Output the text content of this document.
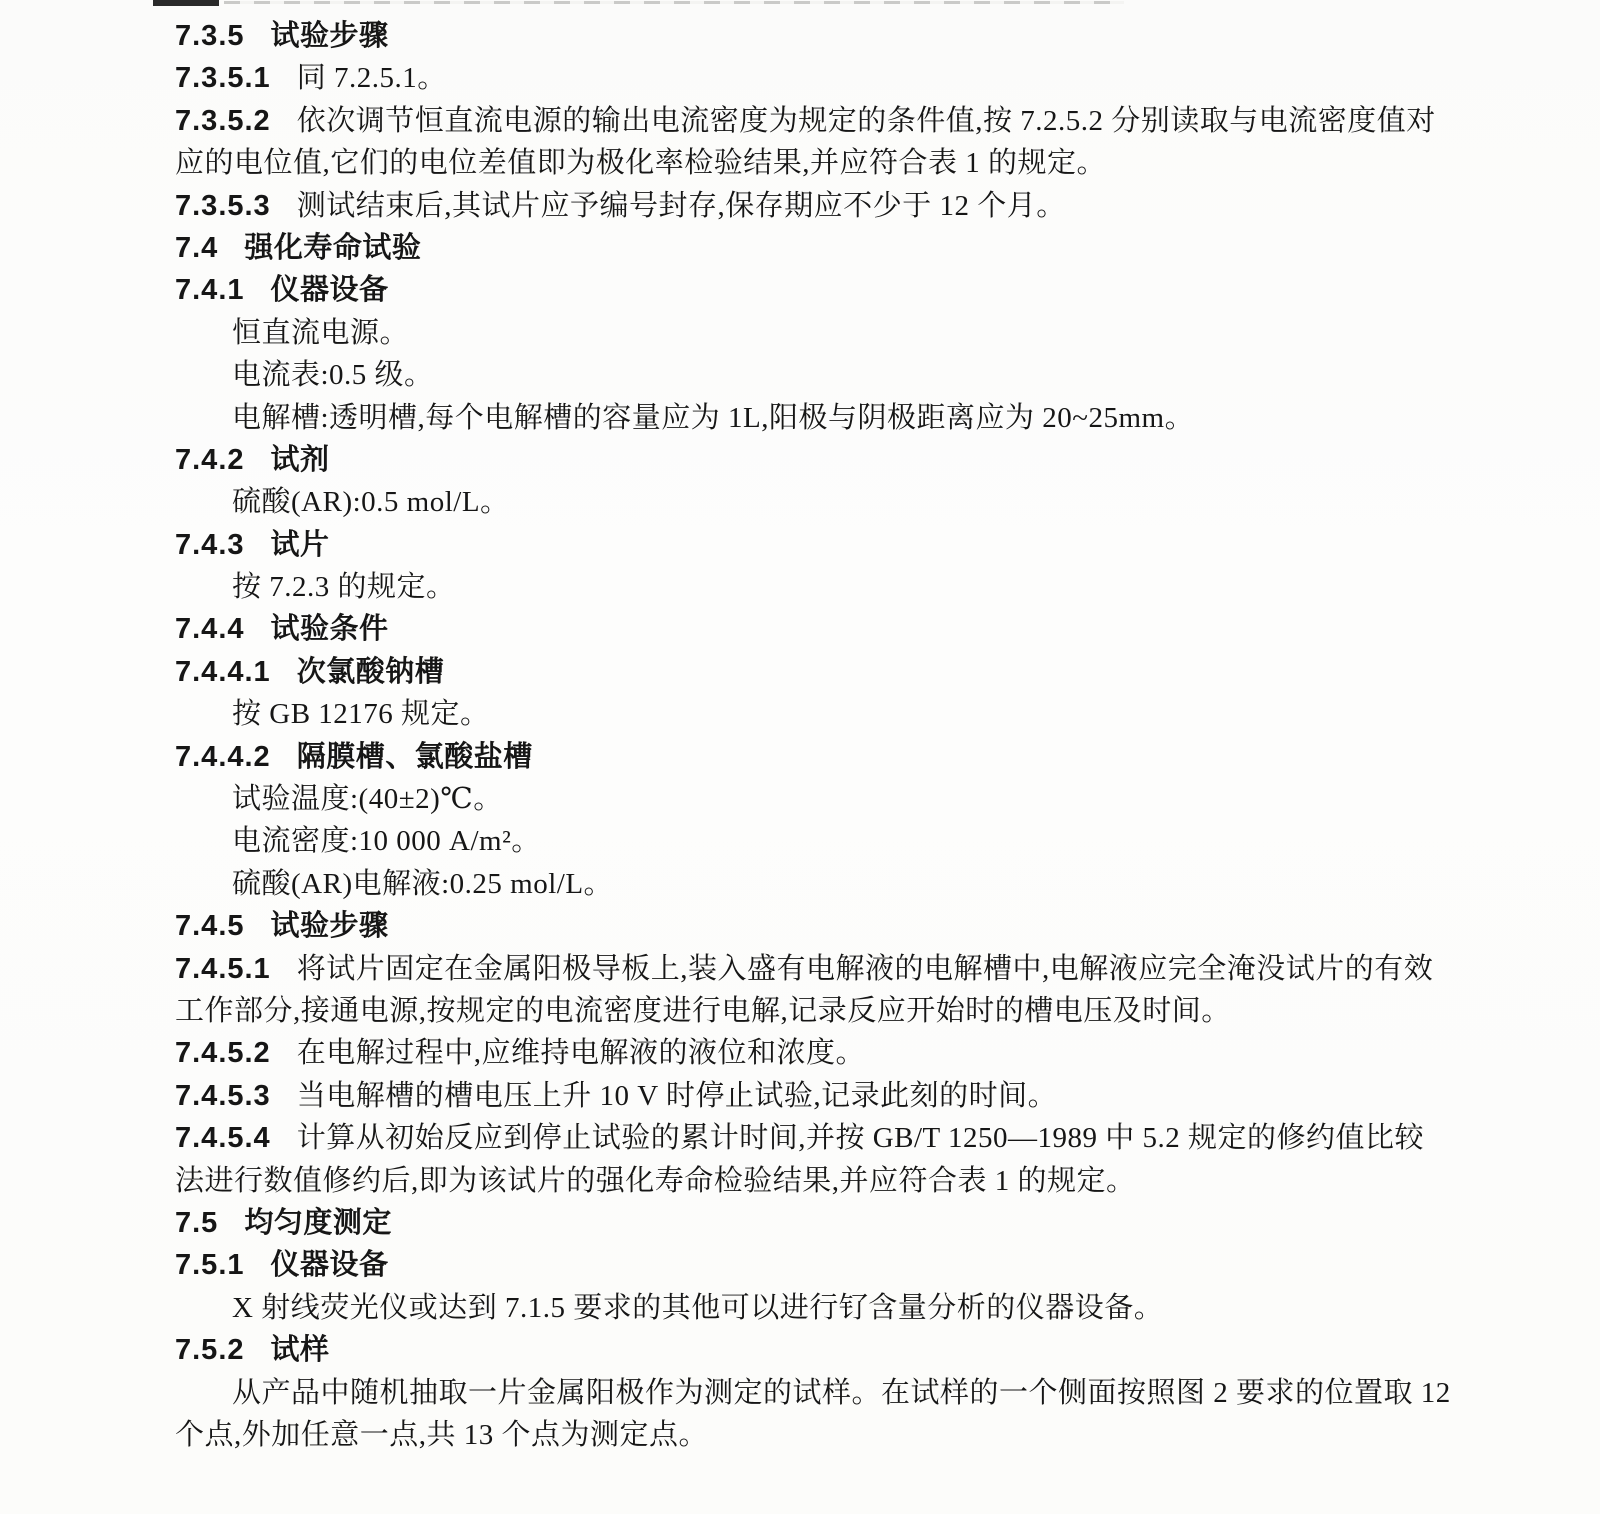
7.3.5 试验步骤
7.3.5.1 同 7.2.5.1。
7.3.5.2 依次调节恒直流电源的输出电流密度为规定的条件值,按 7.2.5.2 分别读取与电流密度值对
应的电位值,它们的电位差值即为极化率检验结果,并应符合表 1 的规定。
7.3.5.3 测试结束后,其试片应予编号封存,保存期应不少于 12 个月。
7.4 强化寿命试验
7.4.1 仪器设备
恒直流电源。
电流表:0.5 级。
电解槽:透明槽,每个电解槽的容量应为 1L,阳极与阴极距离应为 20~25mm。
7.4.2 试剂
硫酸(AR):0.5 mol/L。
7.4.3 试片
按 7.2.3 的规定。
7.4.4 试验条件
7.4.4.1 次氯酸钠槽
按 GB 12176 规定。
7.4.4.2 隔膜槽、氯酸盐槽
试验温度:(40±2)℃。
电流密度:10 000 A/m²。
硫酸(AR)电解液:0.25 mol/L。
7.4.5 试验步骤
7.4.5.1 将试片固定在金属阳极导板上,装入盛有电解液的电解槽中,电解液应完全淹没试片的有效
工作部分,接通电源,按规定的电流密度进行电解,记录反应开始时的槽电压及时间。
7.4.5.2 在电解过程中,应维持电解液的液位和浓度。
7.4.5.3 当电解槽的槽电压上升 10 V 时停止试验,记录此刻的时间。
7.4.5.4 计算从初始反应到停止试验的累计时间,并按 GB/T 1250—1989 中 5.2 规定的修约值比较
法进行数值修约后,即为该试片的强化寿命检验结果,并应符合表 1 的规定。
7.5 均匀度测定
7.5.1 仪器设备
X 射线荧光仪或达到 7.1.5 要求的其他可以进行钌含量分析的仪器设备。
7.5.2 试样
从产品中随机抽取一片金属阳极作为测定的试样。在试样的一个侧面按照图 2 要求的位置取 12
个点,外加任意一点,共 13 个点为测定点。
